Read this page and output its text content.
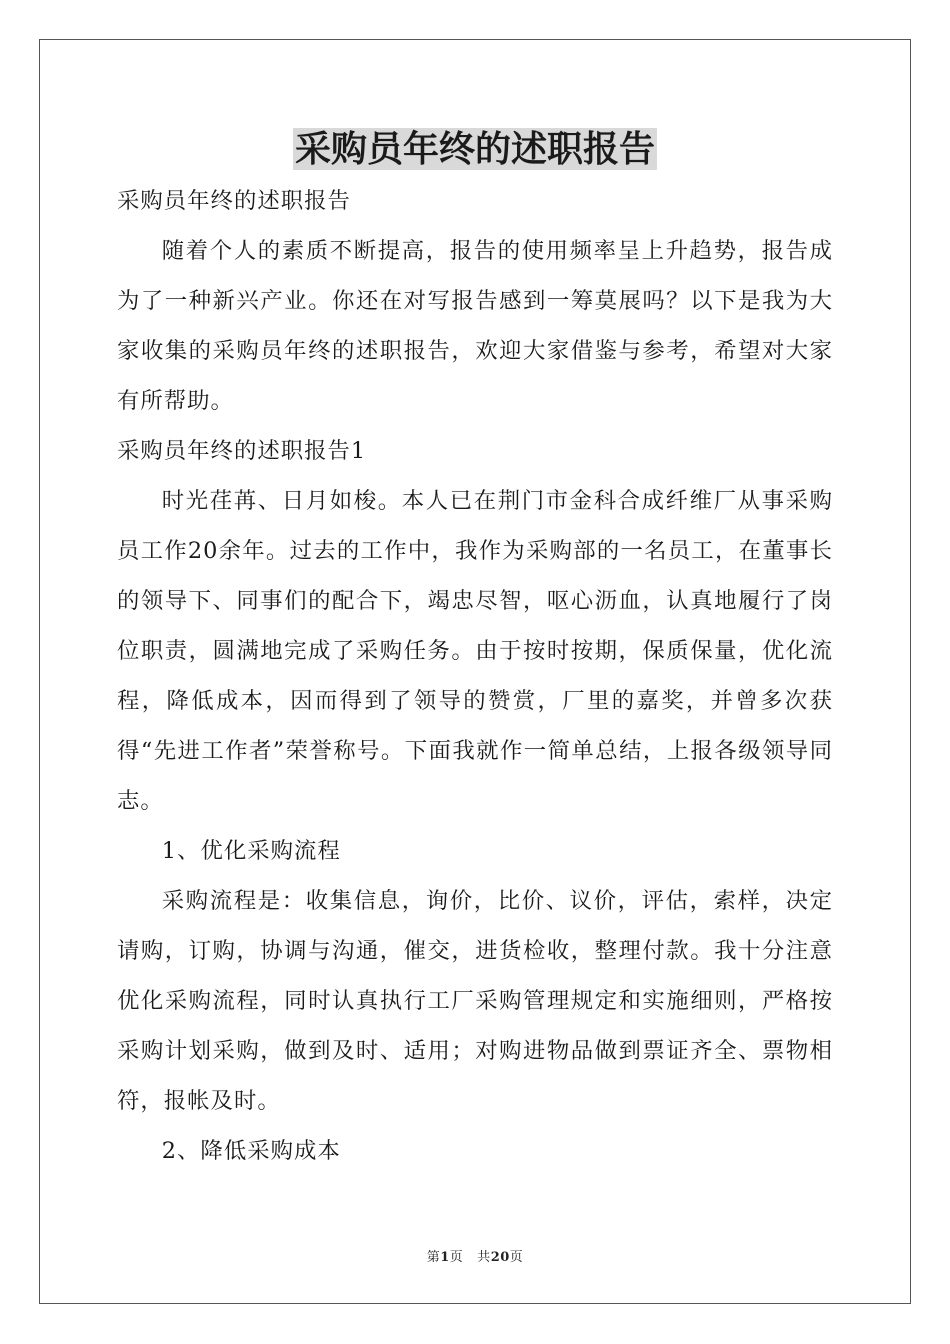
采购员年终的述职报告

采购员年终的述职报告

随着个人的素质不断提高，报告的使用频率呈上升趋势，报告成为了一种新兴产业。你还在对写报告感到一筹莫展吗？以下是我为大家收集的采购员年终的述职报告，欢迎大家借鉴与参考，希望对大家有所帮助。

采购员年终的述职报告1

时光荏苒、日月如梭。本人已在荆门市金科合成纤维厂从事采购员工作20余年。过去的工作中，我作为采购部的一名员工，在董事长的领导下、同事们的配合下，竭忠尽智，呕心沥血，认真地履行了岗位职责，圆满地完成了采购任务。由于按时按期，保质保量，优化流程，降低成本，因而得到了领导的赞赏，厂里的嘉奖，并曾多次获得“先进工作者”荣誉称号。下面我就作一简单总结，上报各级领导同志。

1、优化采购流程

采购流程是：收集信息，询价，比价、议价，评估，索样，决定请购，订购，协调与沟通，催交，进货检收，整理付款。我十分注意优化采购流程，同时认真执行工厂采购管理规定和实施细则，严格按采购计划采购，做到及时、适用；对购进物品做到票证齐全、票物相符，报帐及时。

2、降低采购成本

第1页 共20页
